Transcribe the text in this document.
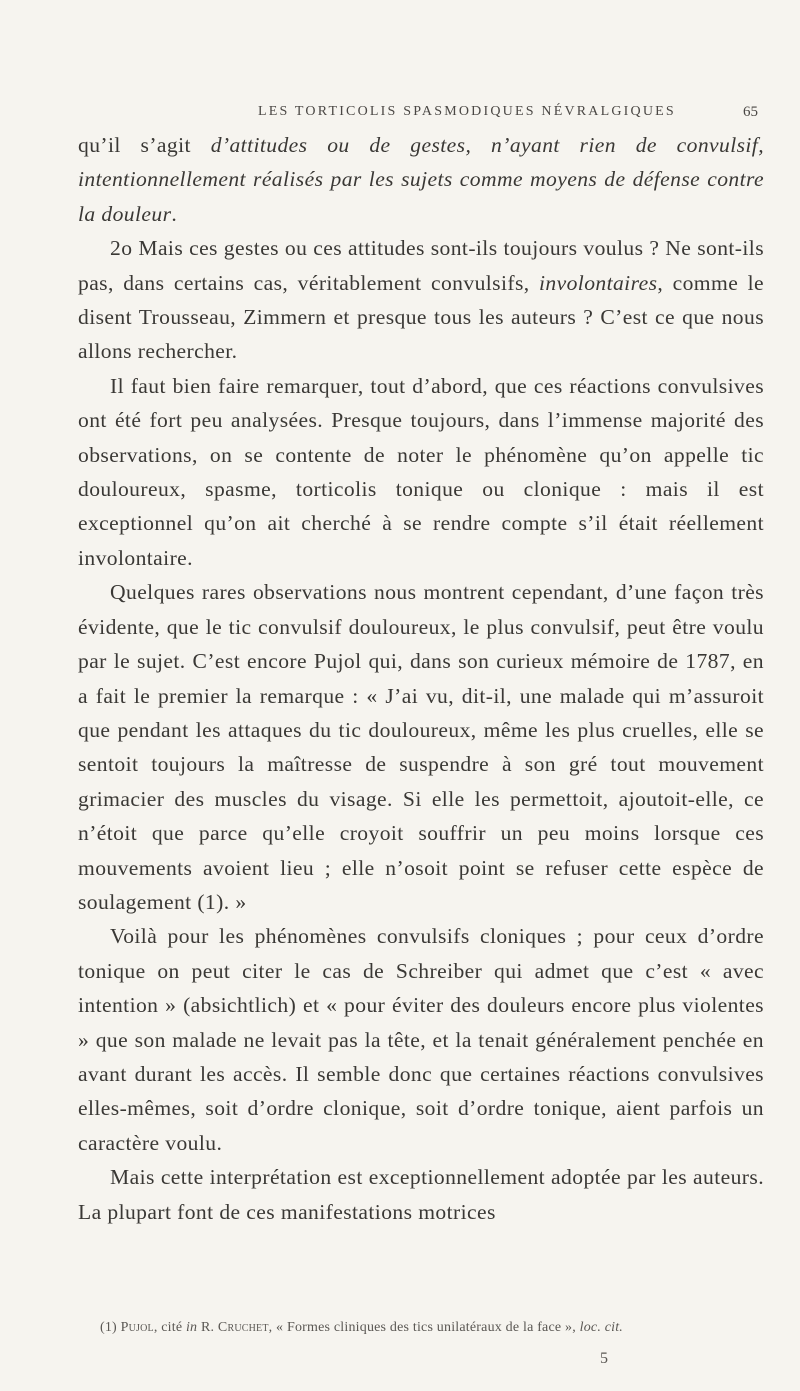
LES TORTICOLIS SPASMODIQUES NÉVRALGIQUES	65

qu’il s’agit d’attitudes ou de gestes, n’ayant rien de convulsif, intentionnellement réalisés par les sujets comme moyens de défense contre la douleur.

2o Mais ces gestes ou ces attitudes sont-ils toujours voulus ? Ne sont-ils pas, dans certains cas, véritablement convulsifs, involontaires, comme le disent Trousseau, Zimmern et presque tous les auteurs ? C’est ce que nous allons rechercher.

Il faut bien faire remarquer, tout d’abord, que ces réactions convulsives ont été fort peu analysées. Presque toujours, dans l’immense majorité des observations, on se contente de noter le phénomène qu’on appelle tic douloureux, spasme, torticolis tonique ou clonique : mais il est exceptionnel qu’on ait cherché à se rendre compte s’il était réellement involontaire.

Quelques rares observations nous montrent cependant, d’une façon très évidente, que le tic convulsif douloureux, le plus convulsif, peut être voulu par le sujet. C’est encore Pujol qui, dans son curieux mémoire de 1787, en a fait le premier la remarque : « J’ai vu, dit-il, une malade qui m’assuroit que pendant les attaques du tic douloureux, même les plus cruelles, elle se sentoit toujours la maîtresse de suspendre à son gré tout mouvement grimacier des muscles du visage. Si elle les permettoit, ajoutoit-elle, ce n’étoit que parce qu’elle croyoit souffrir un peu moins lorsque ces mouvements avoient lieu ; elle n’osoit point se refuser cette espèce de soulagement (1). »

Voilà pour les phénomènes convulsifs cloniques ; pour ceux d’ordre tonique on peut citer le cas de Schreiber qui admet que c’est « avec intention » (absichtlich) et « pour éviter des douleurs encore plus violentes » que son malade ne levait pas la tête, et la tenait généralement penchée en avant durant les accès. Il semble donc que certaines réactions convulsives elles-mêmes, soit d’ordre clonique, soit d’ordre tonique, aient parfois un caractère voulu.

Mais cette interprétation est exceptionnellement adoptée par les auteurs. La plupart font de ces manifestations motrices

(1) Pujol, cité in R. Cruchet, « Formes cliniques des tics unilatéraux de la face », loc. cit.
5
